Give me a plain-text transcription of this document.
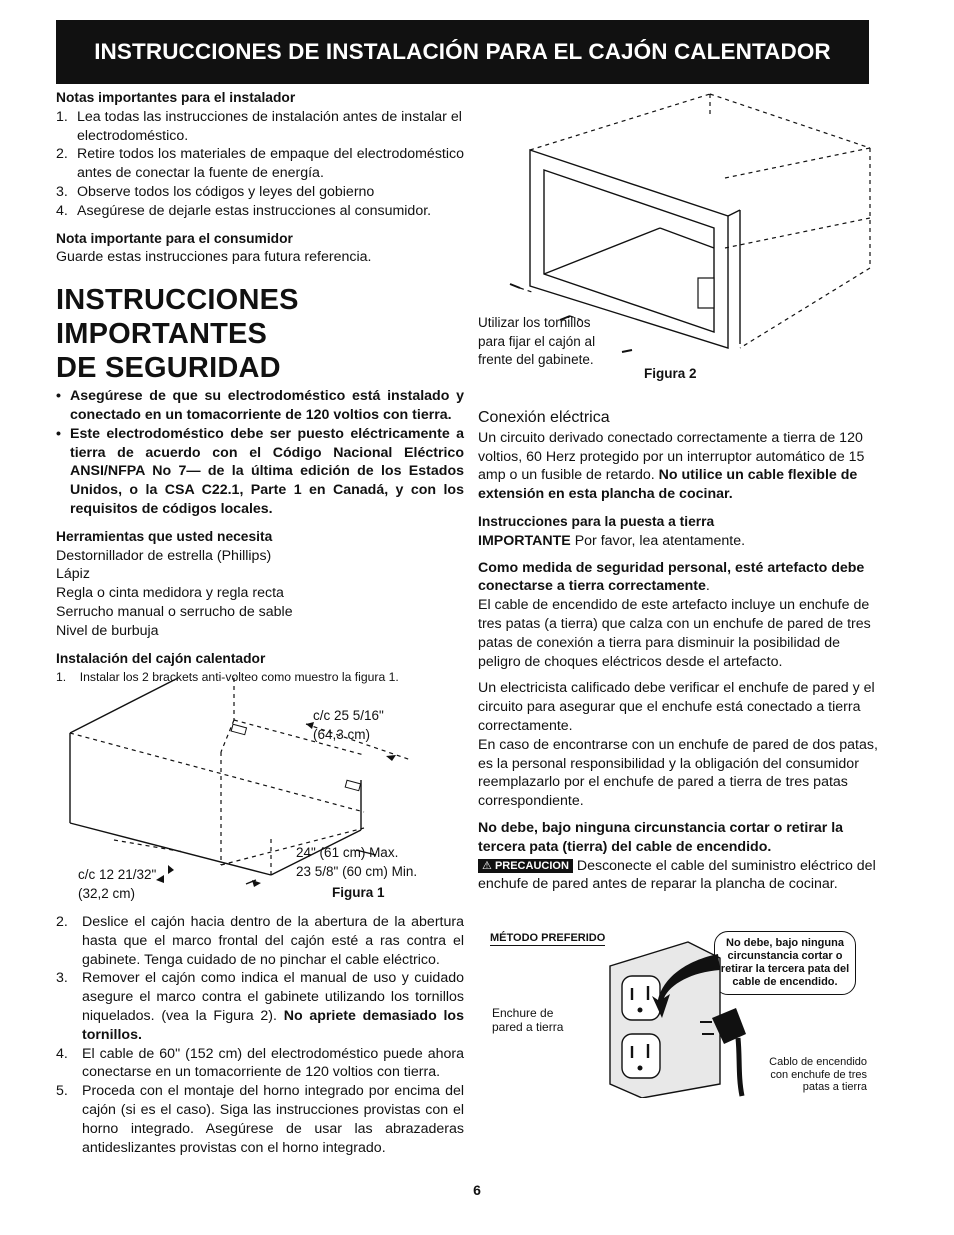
INSTRUCCIONES DE INSTALACIÓN PARA EL CAJÓN CALENTADOR
Notas importantes para el instalador
1. Lea todas las instrucciones de instalación antes de instalar el electrodoméstico.
2. Retire todos los materiales de empaque del electrodoméstico antes de conectar la fuente de energía.
3. Observe todos los códigos y leyes del gobierno
4. Asegúrese de dejarle estas instrucciones al consumidor.
Nota importante para el consumidor
Guarde estas instrucciones para futura referencia.
INSTRUCCIONES IMPORTANTES
DE SEGURIDAD
• Asegúrese de que su electrodoméstico está instalado y conectado en un tomacorriente de 120 voltios con tierra.
• Este electrodoméstico debe ser puesto eléctricamente a tierra de acuerdo con el Código Nacional Eléctrico ANSI/NFPA No 7— de la última edición de los Estados Unidos, o la CSA C22.1, Parte 1 en Canadá, y con los requisitos de códigos locales.
Herramientas que usted necesita
Destornillador de estrella (Phillips)
Lápiz
Regla o cinta medidora y regla recta
Serrucho manual o serrucho de sable
Nivel de burbuja
Instalación del cajón calentador
1. Instalar los 2 brackets anti-volteo como muestro la figura 1.
c/c 25 5/16"
(64,3 cm)
24" (61 cm) Max.
23 5/8" (60 cm) Min.
c/c 12 21/32"
(32,2 cm)	Figura 1
2. Deslice el cajón hacia dentro de la abertura de la abertura hasta que el marco frontal del cajón esté a ras contra el gabinete. Tenga cuidado de no pinchar el cable eléctrico.
3. Remover el cajón como indica el manual de uso y cuidado asegure el marco contra el gabinete utilizando los tornillos niquelados. (vea la Figura 2). No apriete demasiado los tornillos.
4. El cable de 60" (152 cm) del electrodoméstico puede ahora conectarse en un tomacorriente de 120 voltios con tierra.
5. Proceda con el montaje del horno integrado por encima del cajón (si es el caso). Siga las instrucciones provistas con el horno integrado. Asegúrese de usar las abrazaderas antideslizantes provistas con el horno integrado.
Utilizar los tornillos para fijar el cajón al frente del gabinete.
Figura 2
Conexión eléctrica
Un circuito derivado conectado correctamente a tierra de 120 voltios, 60 Herz protegido por un interruptor automático de 15 amp o un fusible de retardo. No utilice un cable flexible de extensión en esta plancha de cocinar.
Instrucciones para la puesta a tierra
IMPORTANTE Por favor, lea atentamente.
Como medida de seguridad personal, esté artefacto debe conectarse a tierra correctamente.
El cable de encendido de este artefacto incluye un enchufe de tres patas (a tierra) que calza con un enchufe de pared de tres patas de conexión a tierra para disminuir la posibilidad de peligro de choques eléctricos desde el artefacto.
Un electricista calificado debe verificar el enchufe de pared y el circuito para asegurar que el enchufe está conectado a tierra correctamente.
En caso de encontrarse con un enchufe de pared de dos patas, es la personal responsibilidad y la obligación del consumidor reemplazarlo por el enchufe de pared a tierra de tres patas correspondiente.
No debe, bajo ninguna circunstancia cortar o retirar la tercera pata (tierra) del cable de encendido.
⚠ PRECAUCION Desconecte el cable del suministro eléctrico del enchufe de pared antes de reparar la plancha de cocinar.
MÉTODO PREFERIDO	No debe, bajo ninguna circunstancia cortar o retirar la tercera pata del cable de encendido.
Enchure de pared a tierra
Cablo de encendido con enchufe de tres patas a tierra
6
